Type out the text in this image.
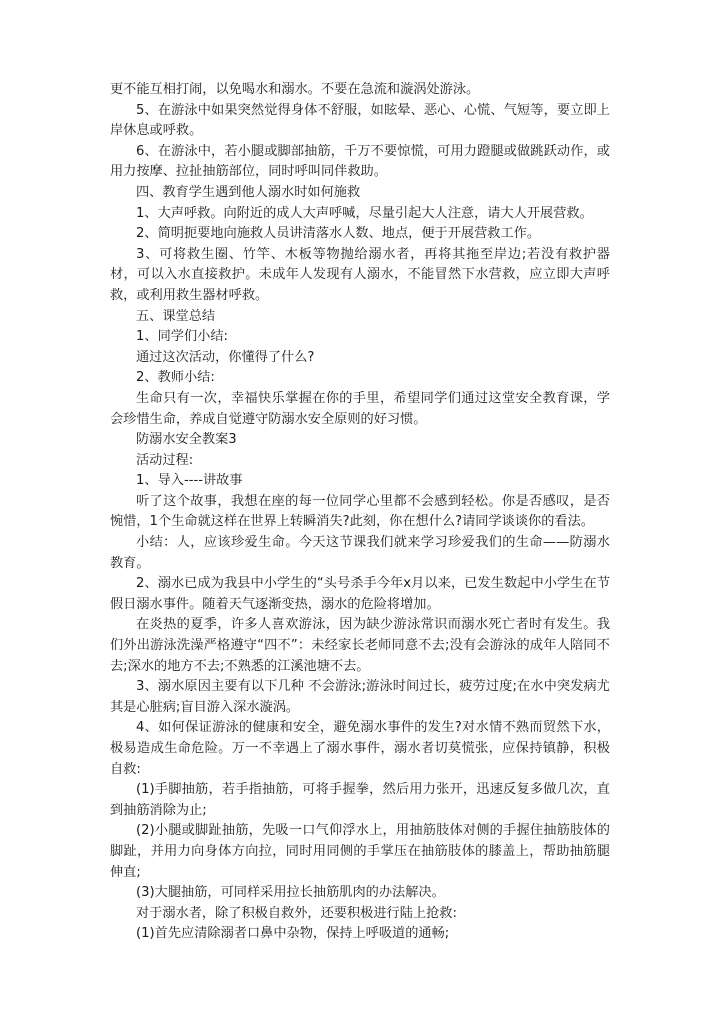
更不能互相打闹，以免喝水和溺水。不要在急流和漩涡处游泳。

5、在游泳中如果突然觉得身体不舒服，如眩晕、恶心、心慌、气短等，要立即上岸休息或呼救。

6、在游泳中，若小腿或脚部抽筋，千万不要惊慌，可用力蹬腿或做跳跃动作，或用力按摩、拉扯抽筋部位，同时呼叫同伴救助。

四、教育学生遇到他人溺水时如何施救

1、大声呼救。向附近的成人大声呼喊，尽量引起大人注意，请大人开展营救。

2、简明扼要地向施救人员讲清落水人数、地点，便于开展营救工作。

3、可将救生圈、竹竿、木板等物抛给溺水者，再将其拖至岸边;若没有救护器材，可以入水直接救护。未成年人发现有人溺水，不能冒然下水营救，应立即大声呼救，或利用救生器材呼救。

五、课堂总结

1、同学们小结:

通过这次活动，你懂得了什么?

2、教师小结:

生命只有一次，幸福快乐掌握在你的手里，希望同学们通过这堂安全教育课，学会珍惜生命，养成自觉遵守防溺水安全原则的好习惯。

防溺水安全教案3

活动过程:

1、导入----讲故事

听了这个故事，我想在座的每一位同学心里都不会感到轻松。你是否感叹，是否惋惜，1个生命就这样在世界上转瞬消失?此刻，你在想什么?请同学谈谈你的看法。

小结：人，应该珍爱生命。今天这节课我们就来学习珍爱我们的生命——防溺水教育。

2、溺水已成为我县中小学生的“头号杀手今年x月以来，已发生数起中小学生在节假日溺水事件。随着天气逐渐变热，溺水的危险将增加。

在炎热的夏季，许多人喜欢游泳，因为缺少游泳常识而溺水死亡者时有发生。我们外出游泳洗澡严格遵守“四不”：未经家长老师同意不去;没有会游泳的成年人陪同不去;深水的地方不去;不熟悉的江溪池塘不去。

3、溺水原因主要有以下几种 不会游泳;游泳时间过长，疲劳过度;在水中突发病尤其是心脏病;盲目游入深水漩涡。

4、如何保证游泳的健康和安全，避免溺水事件的发生?对水情不熟而贸然下水，极易造成生命危险。万一不幸遇上了溺水事件，溺水者切莫慌张，应保持镇静，积极自救:

(1)手脚抽筋，若手指抽筋，可将手握拳，然后用力张开，迅速反复多做几次，直到抽筋消除为止;

(2)小腿或脚趾抽筋，先吸一口气仰浮水上，用抽筋肢体对侧的手握住抽筋肢体的脚趾，并用力向身体方向拉，同时用同侧的手掌压在抽筋肢体的膝盖上，帮助抽筋腿伸直;

(3)大腿抽筋，可同样采用拉长抽筋肌肉的办法解决。

对于溺水者，除了积极自救外，还要积极进行陆上抢救:

(1)首先应清除溺者口鼻中杂物，保持上呼吸道的通畅;
